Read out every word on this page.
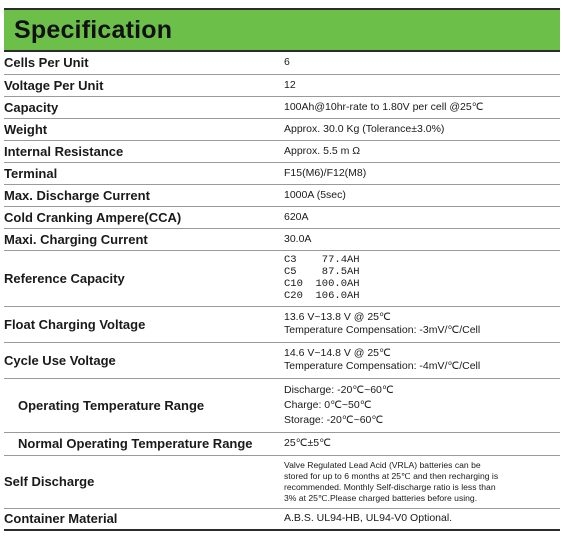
Specification
Cells Per Unit	6
Voltage Per Unit	12
Capacity	100Ah@10hr-rate to 1.80V per cell @25℃
Weight	Approx. 30.0 Kg (Tolerance±3.0%)
Internal Resistance	Approx. 5.5 m Ω
Terminal	F15(M6)/F12(M8)
Max. Discharge Current	1000A (5sec)
Cold Cranking Ampere(CCA)	620A
Maxi. Charging Current	30.0A
Reference Capacity	C3    77.4AH
C5    87.5AH
C10  100.0AH
C20  106.0AH

Float Charging Voltage	13.6 V~13.8 V @ 25℃
Temperature Compensation: -3mV/℃/Cell

Cycle Use Voltage	14.6 V~14.8 V @ 25℃
Temperature Compensation: -4mV/℃/Cell

Operating Temperature Range	Discharge: -20℃~60℃
Charge: 0℃~50℃
Storage: -20℃~60℃

Normal Operating Temperature Range	25℃±5℃
Self Discharge	Valve Regulated Lead Acid (VRLA) batteries can be
stored for up to 6 months at 25℃ and then recharging is
recommended. Monthly Self-discharge ratio is less than
3% at 25℃.Please charged batteries before using.

Container Material	A.B.S. UL94-HB, UL94-V0 Optional.
